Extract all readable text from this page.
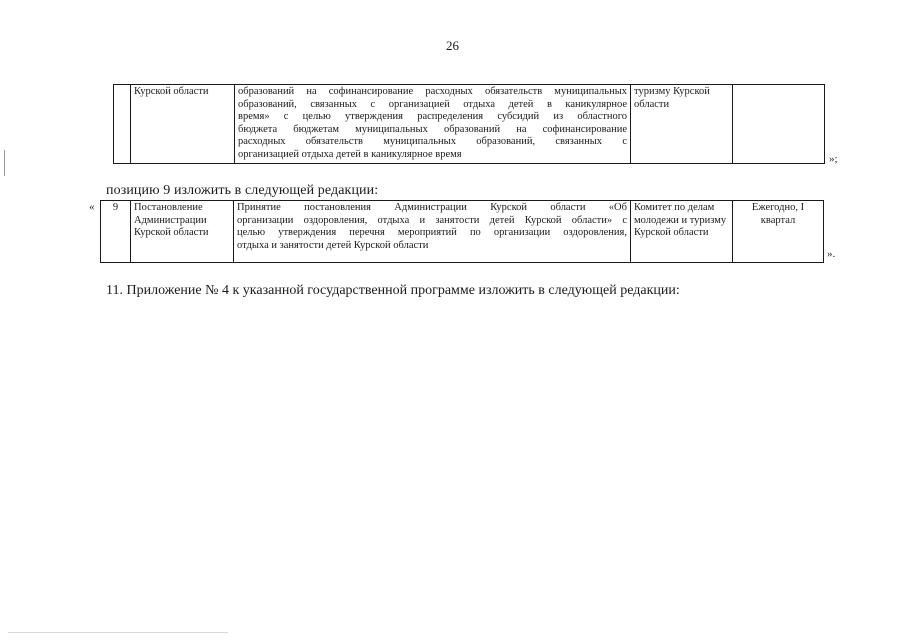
26
	Курской области	образований на софинансирование расходных обязательств муниципальных
образований, связанных с организацией отдыха детей в каникулярное
время» с целью утверждения распределения субсидий из областного
бюджета бюджетам муниципальных образований на софинансирование
расходных обязательств муниципальных образований, связанных с
организацией отдыха детей в каникулярное время
	туризму Курской области	
»;
позицию 9 изложить в следующей редакции:
« 9	Постановление Администрации Курской области	
Принятие постановления Администрации Курской области «Об
организации оздоровления, отдыха и занятости детей Курской области» с
целью утверждения перечня мероприятий по организации оздоровления,
отдыха и занятости детей Курской области
	Комитет по делам молодежи и туризму Курской области	Ежегодно, I квартал
».
11. Приложение № 4 к указанной государственной программе изложить в следующей редакции:
